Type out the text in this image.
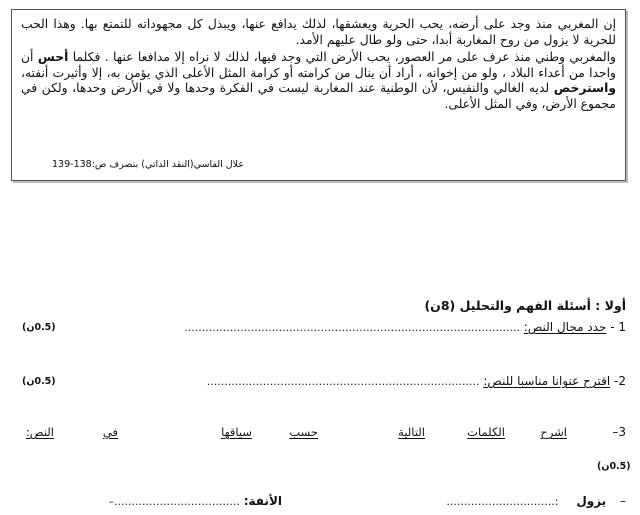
إن المغربي منذ وجد على أرضه، يحب الحرية ويعشقها، لذلك يدافع عنها، ويبذل كل مجهوداته للتمتع بها. وهذا الحب للحرية لا يزول من روح المغاربة أبدا، حتى ولو طال عليهم الأمد.

والمغربي وطني منذ عرف على مر العصور، يحب الأرض التي وجد فيها، لذلك لا نراه إلا مدافعا عنها . فكلما أحس أن واحدا من أعداء البلاد ، ولو من إخوانه ، أراد أن ينال من كرامته أو كرامة المثل الأعلى الذي يؤمن به، إلا وأثيرت أنفته، واسترخص لديه الغالي والنفيس، لأن الوطنية عند المغاربة ليست في الفكرة وحدها ولا في الأرض وحدها، ولكن في مجموع الأرض، وفي المثل الأعلى.

علال الفاسي(النقد الذاتي) بتصرف ص:138-139
أولا : أسئلة الفهم والتحليل (8ن)
1 - حدد مجال النص: ................................................................................................
(0.5ن)
2- اقترح عنوانا مناسبا للنص: ..............................................................................
(0.5ن)
3–
اشرح
الكلمات
التالية
حسب
سياقها
في
النص:
(0.5ن)
– يزول :...............................
الأنفة: ....................................–
